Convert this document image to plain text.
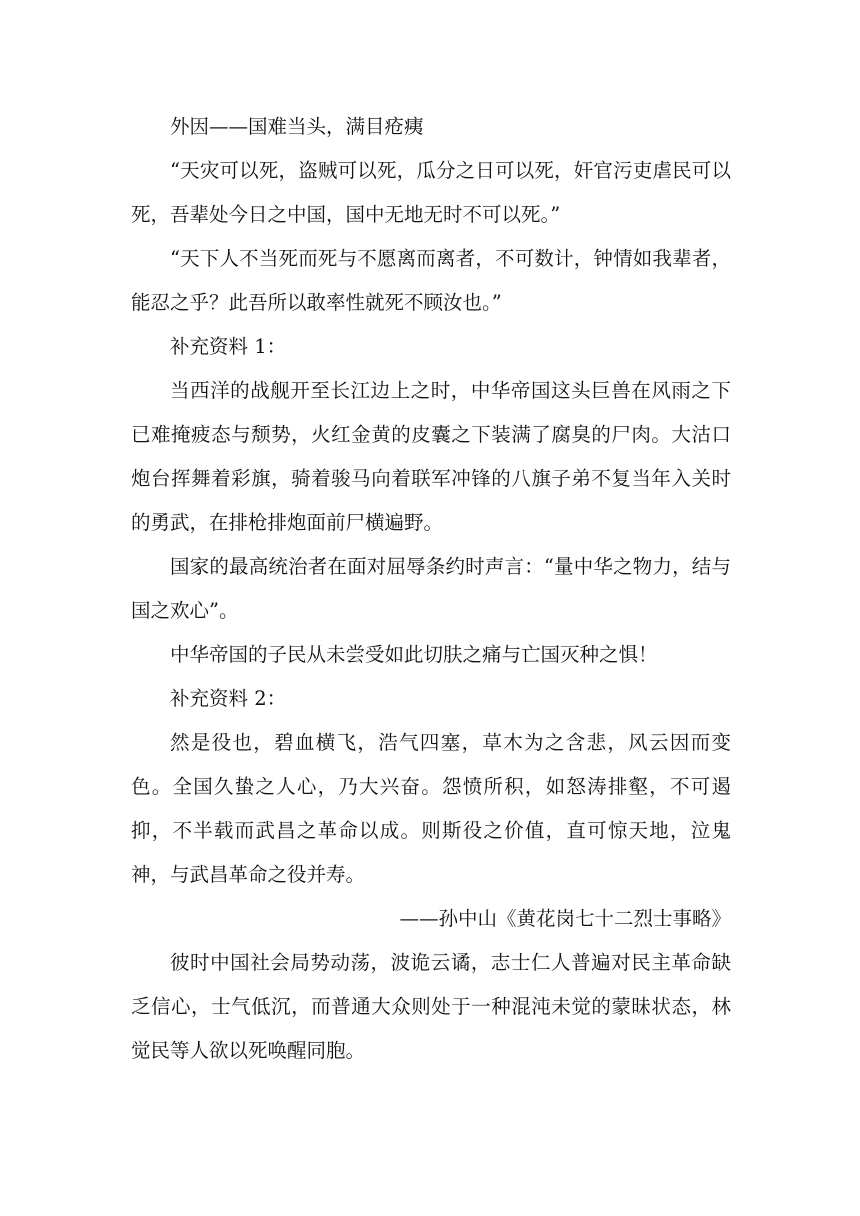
外因——国难当头，满目疮痍

“天灾可以死，盗贼可以死，瓜分之日可以死，奸官污吏虐民可以死，吾辈处今日之中国，国中无地无时不可以死。”

“天下人不当死而死与不愿离而离者，不可数计，钟情如我辈者，能忍之乎？此吾所以敢率性就死不顾汝也。”

补充资料 1：

当西洋的战舰开至长江边上之时，中华帝国这头巨兽在风雨之下已难掩疲态与颓势，火红金黄的皮囊之下装满了腐臭的尸肉。大沽口炮台挥舞着彩旗，骑着骏马向着联军冲锋的八旗子弟不复当年入关时的勇武，在排枪排炮面前尸横遍野。

国家的最高统治者在面对屈辱条约时声言：“量中华之物力，结与国之欢心”。

中华帝国的子民从未尝受如此切肤之痛与亡国灭种之惧！

补充资料 2：

然是役也，碧血横飞，浩气四塞，草木为之含悲，风云因而变色。全国久蛰之人心，乃大兴奋。怨愤所积，如怒涛排壑，不可遏抑，不半载而武昌之革命以成。则斯役之价值，直可惊天地，泣鬼神，与武昌革命之役并寿。

——孙中山《黄花岗七十二烈士事略》

彼时中国社会局势动荡，波诡云谲，志士仁人普遍对民主革命缺乏信心，士气低沉，而普通大众则处于一种混沌未觉的蒙昧状态，林觉民等人欲以死唤醒同胞。
